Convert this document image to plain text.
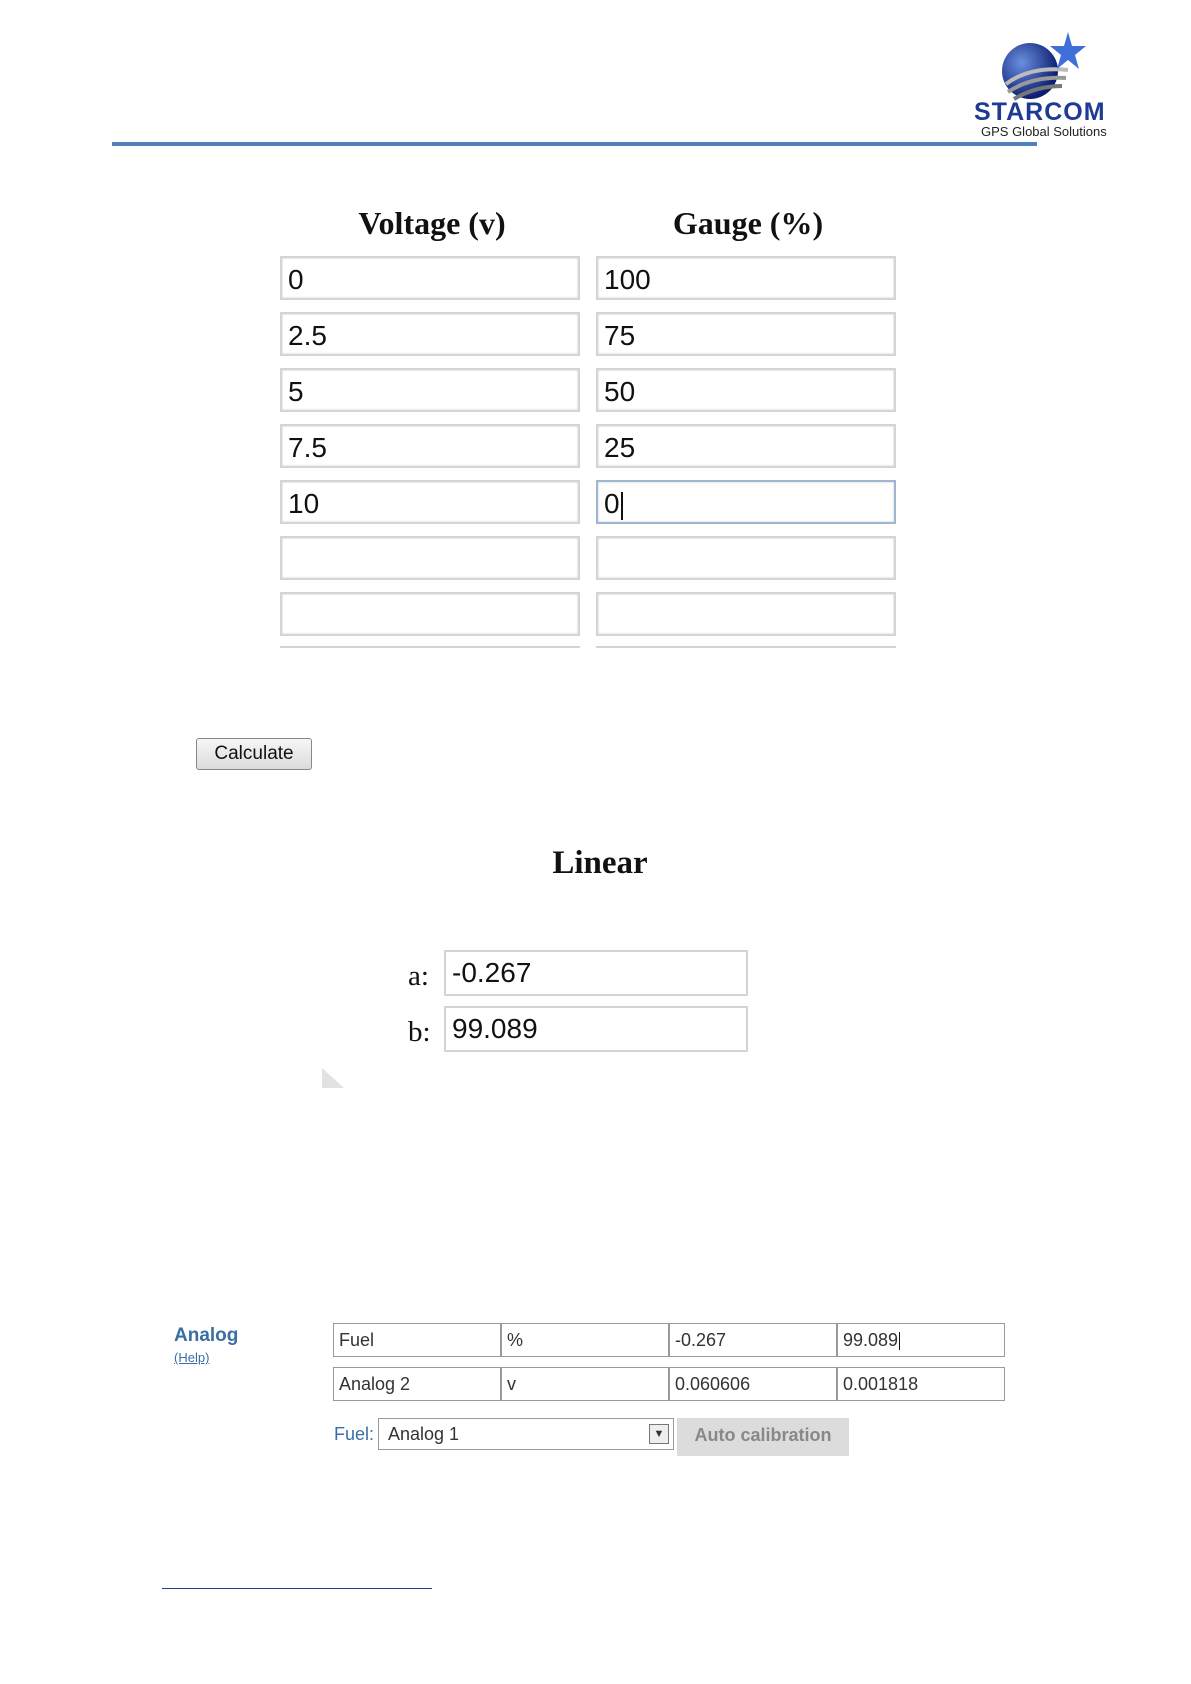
STARCOM
GPS Global Solutions
Voltage (v)	Gauge (%)
0	100
2.5	75
5	50
7.5	25
10	0
Calculate
Linear
a: -0.267
b: 99.089
Analog
(Help)
Fuel	%	-0.267	99.089
Analog 2	v	0.060606	0.001818
Fuel: Analog 1	▼	Auto calibration
